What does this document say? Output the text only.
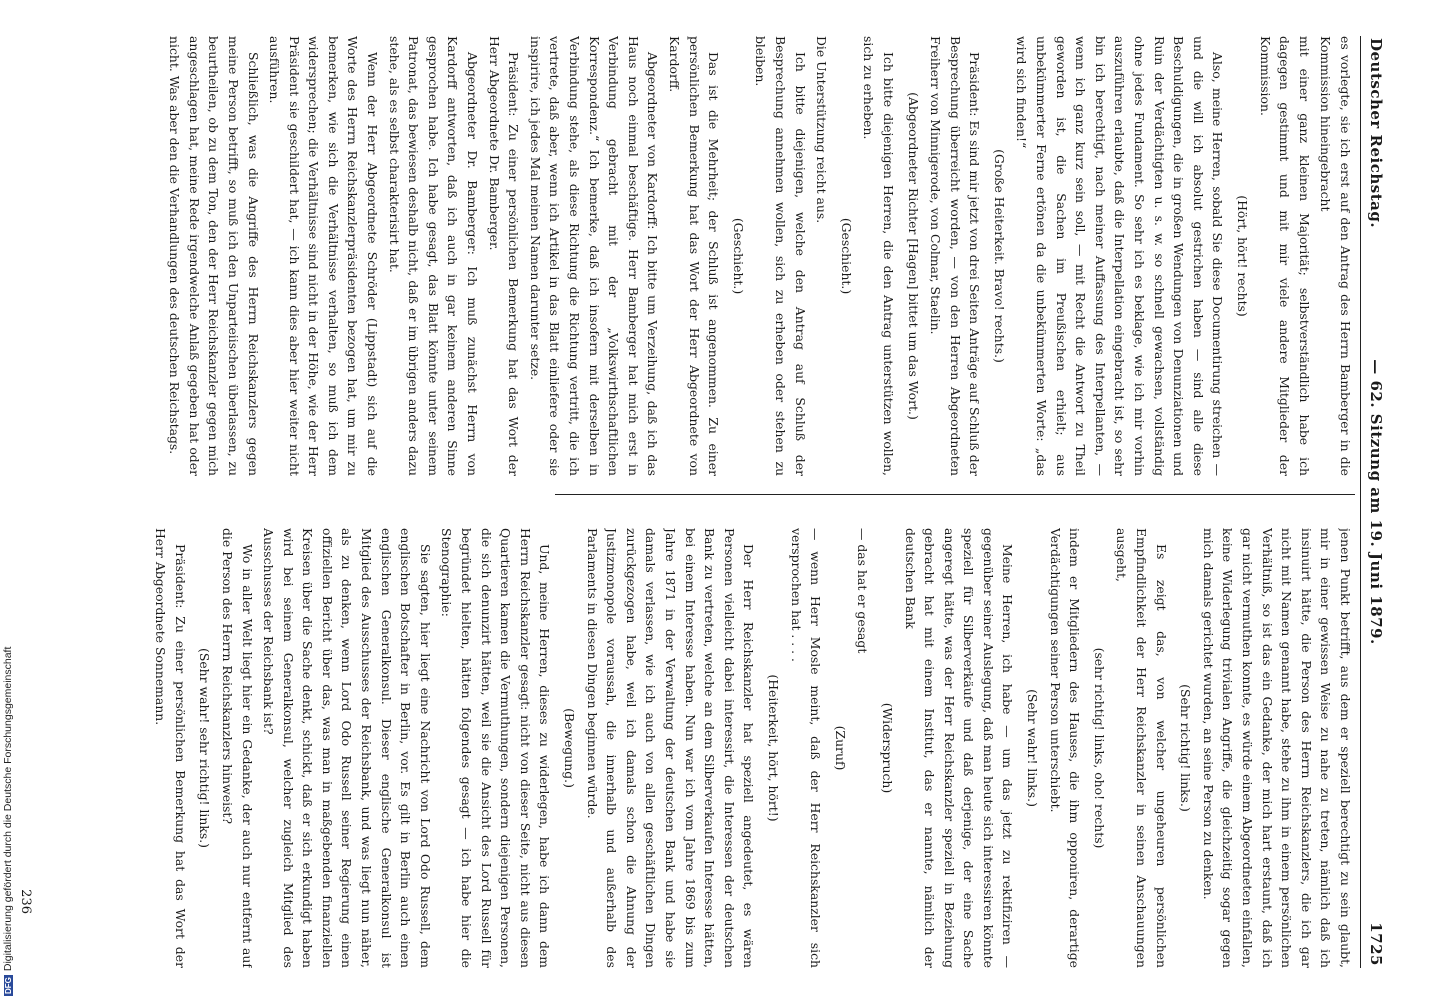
Deutscher Reichstag.
— 62. Sitzung am 19. Juni 1879.
1725

es vorlegte, sie ich erst auf den Antrag des Herrn Bamberger in die Kommission hineingebracht

mit einer ganz kleinen Majorität; selbstverständlich habe ich dagegen gestimmt und mit mir viele andere Mitglieder der Kommission.

(Hört, hört! rechts)

Also, meine Herren, sobald Sie diese Documentirung streichen — und die will ich absolut gestrichen haben — sind alle diese Beschuldigungen, die in großen Wendungen von Denunziationen und Ruin der Verdächtigten u. s. w. so schnell gewachsen, vollständig ohne jedes Fundament. So sehr ich es beklage, wie ich mir vorhin auszuführen erlaubte, daß die Interpellation eingebracht ist, so sehr bin ich berechtigt, nach meiner Auffassung des Interpellanten, — wenn ich ganz kurz sein soll, — mit Recht die Antwort zu Theil geworden ist, die Sachen im Preußischen erhielt; aus unbekümmerter Ferne ertönen da die unbekümmerten Worte: „das wird sich finden!“

(Große Heiterkeit. Bravo! rechts.)

Präsident: Es sind mir jetzt von drei Seiten Anträge auf Schluß der Besprechung überreicht worden, — von den Herren Abgeordneten Freiherr von Minnigerode, von Colmar, Staelin.

(Abgeordneter Richter [Hagen] bittet um das Wort.)

Ich bitte diejenigen Herren, die den Antrag unterstützen wollen, sich zu erheben.

(Geschieht.)

Die Unterstützung reicht aus.

Ich bitte diejenigen, welche den Antrag auf Schluß der Besprechung annehmen wollen, sich zu erheben oder stehen zu bleiben.

(Geschieht.)

Das ist die Mehrheit; der Schluß ist angenommen. Zu einer persönlichen Bemerkung hat das Wort der Herr Abgeordnete von Kardorff.

Abgeordneter von Kardorff: Ich bitte um Verzeihung, daß ich das Haus noch einmal beschäftige. Herr Bamberger hat mich erst in Verbindung gebracht mit der „Volkswirthschaftlichen Korrespondenz.“ Ich bemerke, daß ich insofern mit derselben in Verbindung stehe, als diese Richtung die Richtung vertritt, die ich vertrete, daß aber, wenn ich Artikel in das Blatt einliefere oder sie inspirire, ich jedes Mal meinen Namen darunter setze.

Präsident: Zu einer persönlichen Bemerkung hat das Wort der Herr Abgeordnete Dr. Bamberger.

Abgeordneter Dr. Bamberger: Ich muß zunächst Herrn von Kardorff antworten, daß ich auch in gar keinem anderen Sinne gesprochen habe. Ich habe gesagt, das Blatt könnte unter seinem Patronat, das bewiesen deshalb nicht, daß er im übrigen anders dazu stehe, als es selbst charakterisirt hat.

Wenn der Herr Abgeordnete Schröder (Lippstadt) sich auf die Worte des Herrn Reichskanzlerpräsidenten bezogen hat, um mir zu bemerken, wie sich die Verhältnisse verhalten, so muß ich dem widersprechen; die Verhältnisse sind nicht in der Höhe, wie der Herr Präsident sie geschildert hat, — ich kann dies aber hier weiter nicht ausführen.

Schließlich, was die Angriffe des Herrn Reichskanzlers gegen meine Person betrifft, so muß ich den Unparteiischen überlassen, zu beurtheilen, ob zu dem Ton, den der Herr Reichskanzler gegen mich angeschlagen hat, meine Rede irgendwelche Anlaß gegeben hat oder nicht. Was aber den die Verhandlungen des deutschen Reichstags.

jenen Punkt betrifft, aus dem er speziell berechtigt zu sein glaubt, mir in einer gewissen Weise zu nahe zu treten, nämlich daß ich insinuirt hätte, die Person des Herrn Reichskanzlers, die ich gar nicht mit Namen genannt habe, stehe zu ihm in einem persönlichen Verhältniß, so ist das ein Gedanke, der mich hart erstaunt, daß ich gar nicht vermuthen konnte, es würde einem Abgeordneten einfallen, keine Widerlegung trivialen Angriffe, die gleichzeitig sogar gegen mich damals gerichtet wurden, an seine Person zu denken.

(Sehr richtig! links.)

Es zeigt das, von welcher ungeheuren persönlichen Empfindlichkeit der Herr Reichskanzler in seinen Anschauungen ausgeht,

(sehr richtig! links, oho! rechts)

indem er Mitgliedern des Hauses, die ihm opponiren, derartige Verdächtigungen seiner Person unterschiebt.

(Sehr wahr! links.)

Meine Herren, ich habe — um das jetzt zu rektifiziren — gegenüber seiner Auslegung, daß man heute sich interessiren könnte speziell für Silberverkäufe und daß derjenige, der eine Sache angeregt hätte, was der Herr Reichskanzler speziell in Beziehung gebracht hat mit einem Institut, das er nannte, nämlich der deutschen Bank

(Widerspruch)

— das hat er gesagt

(Zuruf)

— wenn Herr Mosle meint, daß der Herr Reichskanzler sich versprochen hat . . . .

(Heiterkeit, hört, hört!)

Der Herr Reichskanzler hat speziell angedeutet, es wären Personen vielleicht dabei interessirt, die Interessen der deutschen Bank zu vertreten, welche an dem Silberverkaufen Interesse hätten, bei einem Interesse haben. Nun war ich vom Jahre 1869 bis zum Jahre 1871 in der Verwaltung der deutschen Bank und habe sie damals verlassen, wie ich auch von allen geschäftlichen Dingen zurückgezogen habe, weil ich damals schon die Ahnung der Justizmonopole voraussah, die innerhalb und außerhalb des Parlaments in diesen Dingen beginnen würde.

(Bewegung.)

Und, meine Herren, dieses zu widerlegen, habe ich dann dem Herrn Reichskanzler gesagt: nicht von dieser Seite, nicht aus diesen Quartieren kamen die Vermuthungen, sondern diejenigen Personen, die sich denunzirt hätten, weil sie die Ansicht des Lord Russell für begründet hielten, hätten folgendes gesagt — ich habe hier die Stenographie:

Sie sagten, hier liegt eine Nachricht von Lord Odo Russell, dem englischen Botschafter in Berlin, vor. Es gilt in Berlin auch einen englischen Generalkonsul. Dieser englische Generalkonsul ist Mitglied des Ausschusses der Reichsbank, und was liegt nun näher, als zu denken, wenn Lord Odo Russell seiner Regierung einen offiziellen Bericht über das, was man in maßgebenden finanziellen Kreisen über die Sache denkt, schickt, daß er sich erkundigt haben wird bei seinem Generalkonsul, welcher zugleich Mitglied des Ausschusses der Reichsbank ist?

Wo in aller Welt liegt hier ein Gedanke, der auch nur entfernt auf die Person des Herrn Reichskanzlers hinweist?

(Sehr wahr! sehr richtig! links.)

Präsident: Zu einer persönlichen Bemerkung hat das Wort der Herr Abgeordnete Sonnemann.

236
DFGDigitalisierung gefördert durch die Deutsche Forschungsgemeinschaft
